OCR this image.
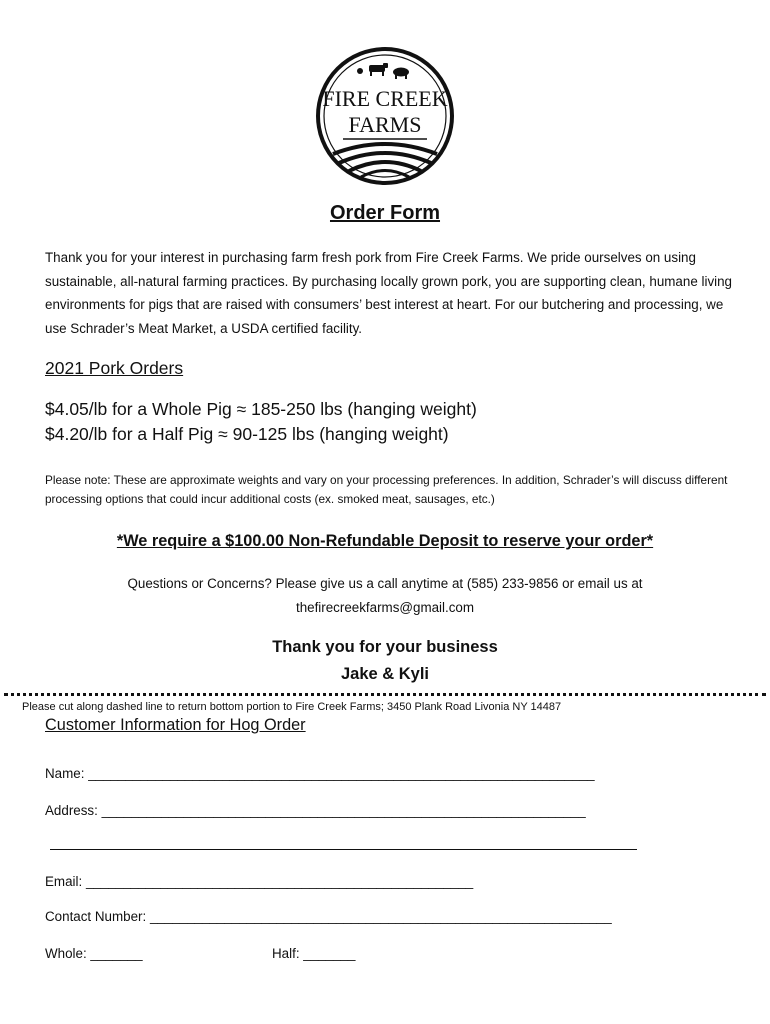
FIRE CREEK
FARMS
Order Form
Thank you for your interest in purchasing farm fresh pork from Fire Creek Farms. We pride ourselves on using sustainable, all-natural farming practices. By purchasing locally grown pork, you are supporting clean, humane living environments for pigs that are raised with consumers’ best interest at heart. For our butchering and processing, we use Schrader’s Meat Market, a USDA certified facility.
2021 Pork Orders
$4.05/lb for a Whole Pig ≈ 185-250 lbs (hanging weight)
$4.20/lb for a Half Pig ≈ 90-125 lbs (hanging weight)
Please note: These are approximate weights and vary on your processing preferences. In addition, Schrader’s will discuss different processing options that could incur additional costs (ex. smoked meat, sausages, etc.)
*We require a $100.00 Non-Refundable Deposit to reserve your order*
Questions or Concerns? Please give us a call anytime at (585) 233-9856 or email us at
thefirecreekfarms@gmail.com
Thank you for your business
Jake & Kyli
Please cut along dashed line to return bottom portion to Fire Creek Farms; 3450 Plank Road Livonia NY 14487
Customer Information for Hog Order
Name: ____________________________________________________________________
Address: _________________________________________________________________
Email: ____________________________________________________
Contact Number: ______________________________________________________________
Whole: _______	Half: _______
